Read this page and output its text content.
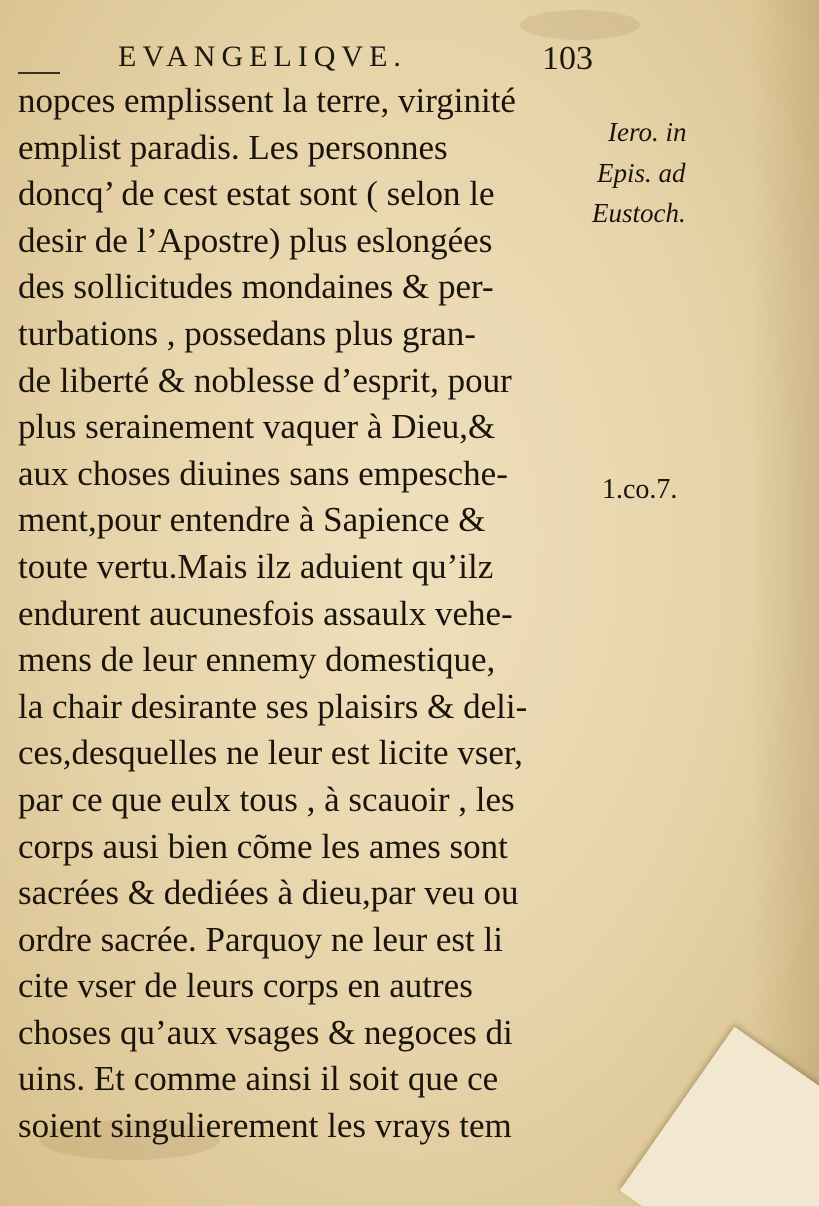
EVANGELIQVE.	103
nopces emplissent la terre, virginité
emplist paradis. Les personnes
doncq’ de cest estat sont ( selon le
desir de l’Apostre) plus eslongées
des sollicitudes mondaines & per-
turbations , possedans plus gran-
de liberté & noblesse d’esprit, pour
plus serainement vaquer à Dieu,&
aux choses diuines sans empesche-
ment,pour entendre à Sapience &
toute vertu.Mais ilz aduient qu’ilz
endurent aucunesfois assaulx vehe-
mens de leur ennemy domestique,
la chair desirante ses plaisirs & deli-
ces,desquelles ne leur est licite vser,
par ce que eulx tous , à scauoir , les
corps ausi bien cõme les ames sont
sacrées & dediées à dieu,par veu ou
ordre sacrée. Parquoy ne leur est li
cite vser de leurs corps en autres
choses qu’aux vsages & negoces di
uins. Et comme ainsi il soit que ce
soient singulierement les vrays tem
Iero. in
Epis. ad
Eustoch.
1.co.7.
